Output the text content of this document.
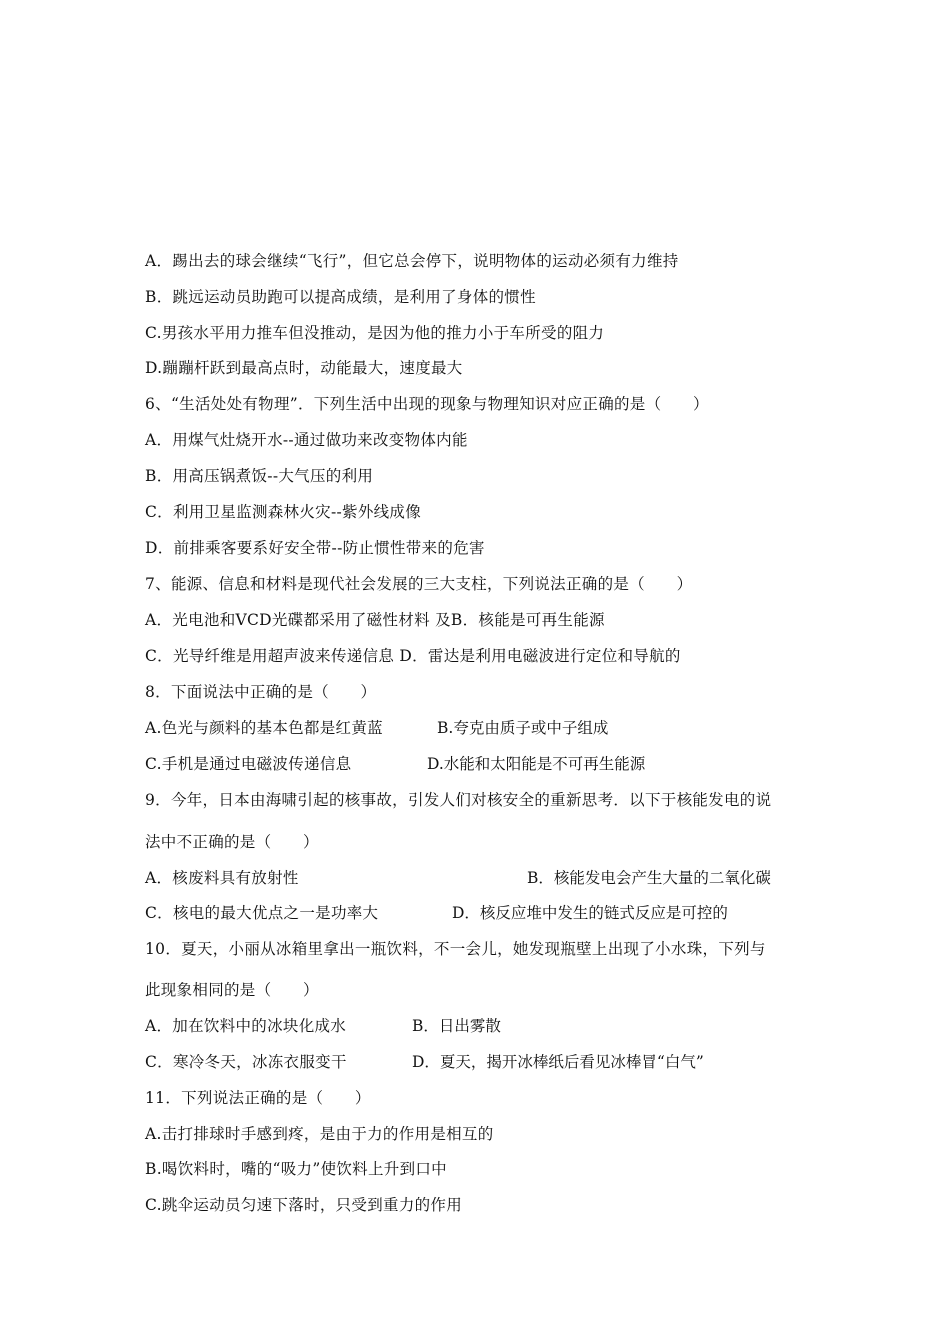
A．踢出去的球会继续“飞行”，但它总会停下，说明物体的运动必须有力维持
B．跳远运动员助跑可以提高成绩，是利用了身体的惯性
C.男孩水平用力推车但没推动，是因为他的推力小于车所受的阻力
D.蹦蹦杆跃到最高点时，动能最大，速度最大
6、“生活处处有物理”．下列生活中出现的现象与物理知识对应正确的是（　　）
A．用煤气灶烧开水--通过做功来改变物体内能
B．用高压锅煮饭--大气压的利用
C．利用卫星监测森林火灾--紫外线成像
D．前排乘客要系好安全带--防止惯性带来的危害
7、能源、信息和材料是现代社会发展的三大支柱，下列说法正确的是（　　）
A．光电池和VCD光碟都采用了磁性材料 及B．核能是可再生能源
C．光导纤维是用超声波来传递信息 D．雷达是利用电磁波进行定位和导航的
8．下面说法中正确的是（　　）
A.色光与颜料的基本色都是红黄蓝	B.夸克由质子或中子组成
C.手机是通过电磁波传递信息	D.水能和太阳能是不可再生能源
9．今年，日本由海啸引起的核事故，引发人们对核安全的重新思考．以下于核能发电的说
法中不正确的是（　　）
A．核废料具有放射性	B．核能发电会产生大量的二氧化碳
C．核电的最大优点之一是功率大	D．核反应堆中发生的链式反应是可控的
10．夏天，小丽从冰箱里拿出一瓶饮料，不一会儿，她发现瓶壁上出现了小水珠，下列与
此现象相同的是（　　）
A．加在饮料中的冰块化成水	B．日出雾散
C．寒冷冬天，冰冻衣服变干	D．夏天，揭开冰棒纸后看见冰棒冒“白气”
11．下列说法正确的是（　　）
A.击打排球时手感到疼，是由于力的作用是相互的
B.喝饮料时，嘴的“吸力”使饮料上升到口中
C.跳伞运动员匀速下落时，只受到重力的作用
